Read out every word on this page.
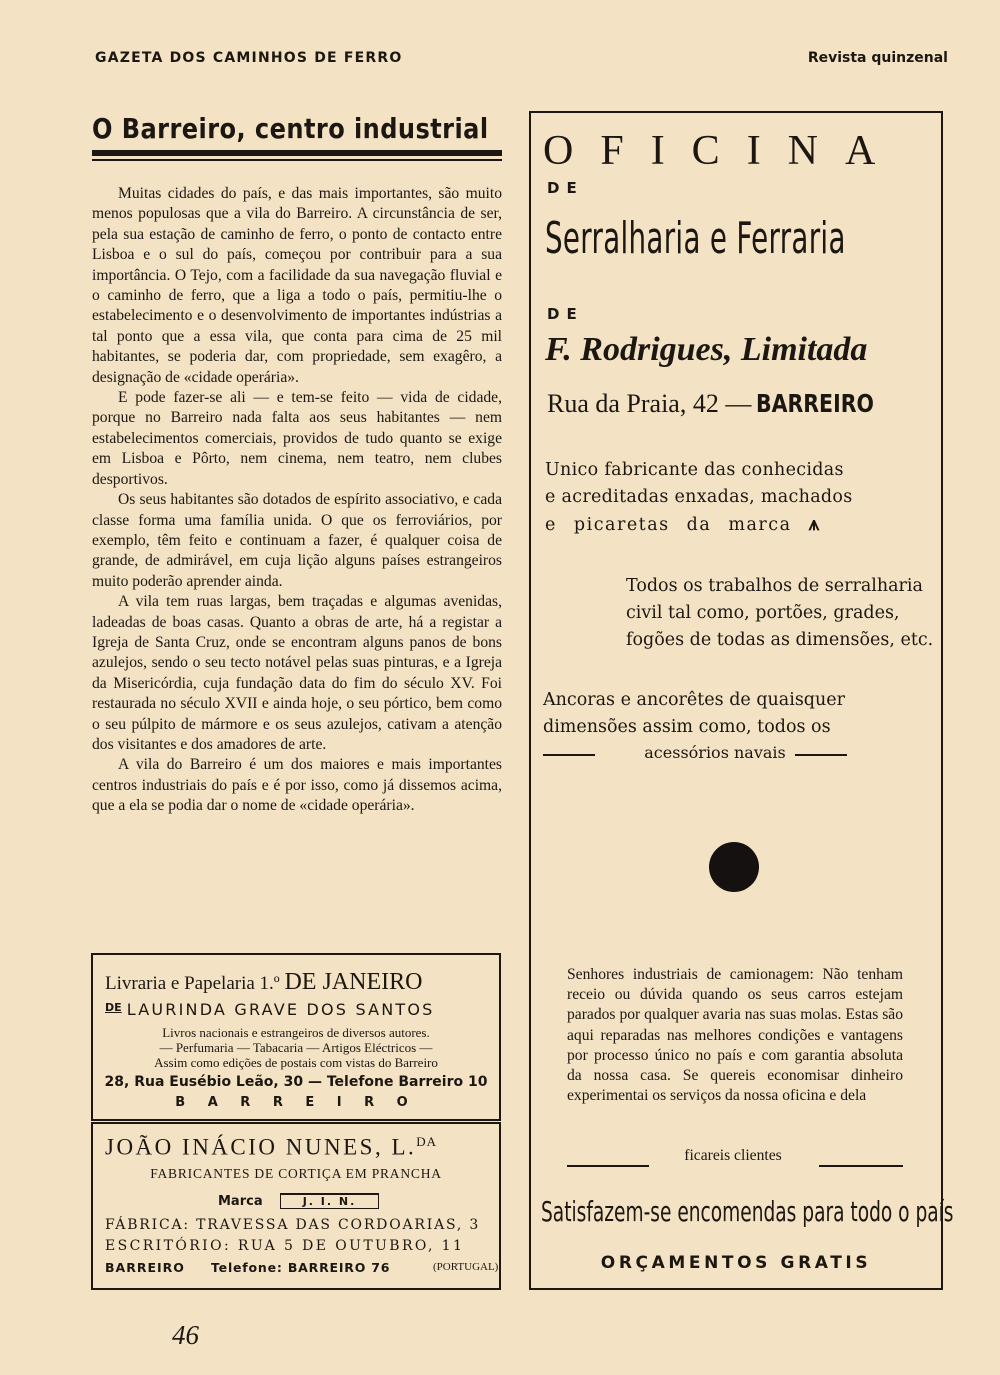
GAZETA DOS CAMINHOS DE FERRO	Revista quinzenal
O Barreiro, centro industrial

Muitas cidades do país, e das mais importantes, são muito menos populosas que a vila do Barreiro. A circunstância de ser, pela sua estação de caminho de ferro, o ponto de contacto entre Lisboa e o sul do país, começou por contribuir para a sua importância. O Tejo, com a facilidade da sua navegação fluvial e o caminho de ferro, que a liga a todo o país, permitiu-lhe o estabelecimento e o desenvolvimento de importantes indústrias a tal ponto que a essa vila, que conta para cima de 25 mil habitantes, se poderia dar, com propriedade, sem exagêro, a designação de «cidade operária».

E pode fazer-se ali — e tem-se feito — vida de cidade, porque no Barreiro nada falta aos seus habitantes — nem estabelecimentos comerciais, providos de tudo quanto se exige em Lisboa e Pôrto, nem cinema, nem teatro, nem clubes desportivos.

Os seus habitantes são dotados de espírito associativo, e cada classe forma uma família unida. O que os ferroviários, por exemplo, têm feito e continuam a fazer, é qualquer coisa de grande, de admirável, em cuja lição alguns países estrangeiros muito poderão aprender ainda.

A vila tem ruas largas, bem traçadas e algumas avenidas, ladeadas de boas casas. Quanto a obras de arte, há a registar a Igreja de Santa Cruz, onde se encontram alguns panos de bons azulejos, sendo o seu tecto notável pelas suas pinturas, e a Igreja da Misericórdia, cuja fundação data do fim do século XV. Foi restaurada no século XVII e ainda hoje, o seu pórtico, bem como o seu púlpito de mármore e os seus azulejos, cativam a atenção dos visitantes e dos amadores de arte.

A vila do Barreiro é um dos maiores e mais importantes centros industriais do país e é por isso, como já dissemos acima, que a ela se podia dar o nome de «cidade operária».

Livraria e Papelaria 1.º DE JANEIRO
$^{DE}$ LAURINDA GRAVE DOS SANTOS
Livros nacionais e estrangeiros de diversos autores.
— Perfumaria — Tabacaria — Artigos Eléctricos —
Assim como edições de postais com vistas do Barreiro
28, Rua Eusébio Leão, 30 — Telefone Barreiro 10
B A R R E I R O
JOÃO INÁCIO NUNES, L.$^{DA}$
FABRICANTES DE CORTIÇA EM PRANCHA
Marca	J. I. N.
FÁBRICA: TRAVESSA DAS CORDOARIAS, 3
ESCRITÓRIO: RUA 5 DE OUTUBRO, 11
BARREIRO Telefone: BARREIRO 76	(PORTUGAL)
OFICINA
DE
Serralharia e Ferraria
DE
F. Rodrigues, Limitada
Rua da Praia, 42 — BARREIRO
Unico fabricante das conhecidas
e acreditadas enxadas, machados
e picaretas da marca ⩚
Todos os trabalhos de serralharia
civil tal como, portões, grades,
fogões de todas as dimensões, etc.
Ancoras e ancorêtes de quaisquer
dimensões assim como, todos os
acessórios navais
Senhores industriais de camionagem: Não tenham receio ou dúvida quando os seus carros estejam parados por qualquer avaria nas suas molas. Estas são aqui reparadas nas melhores condições e vantagens por processo único no país e com garantia absoluta da nossa casa. Se quereis economisar dinheiro experimentai os serviços da nossa oficina e dela
ficareis clientes
Satisfazem-se encomendas para todo o país
ORÇAMENTOS GRATIS
46
